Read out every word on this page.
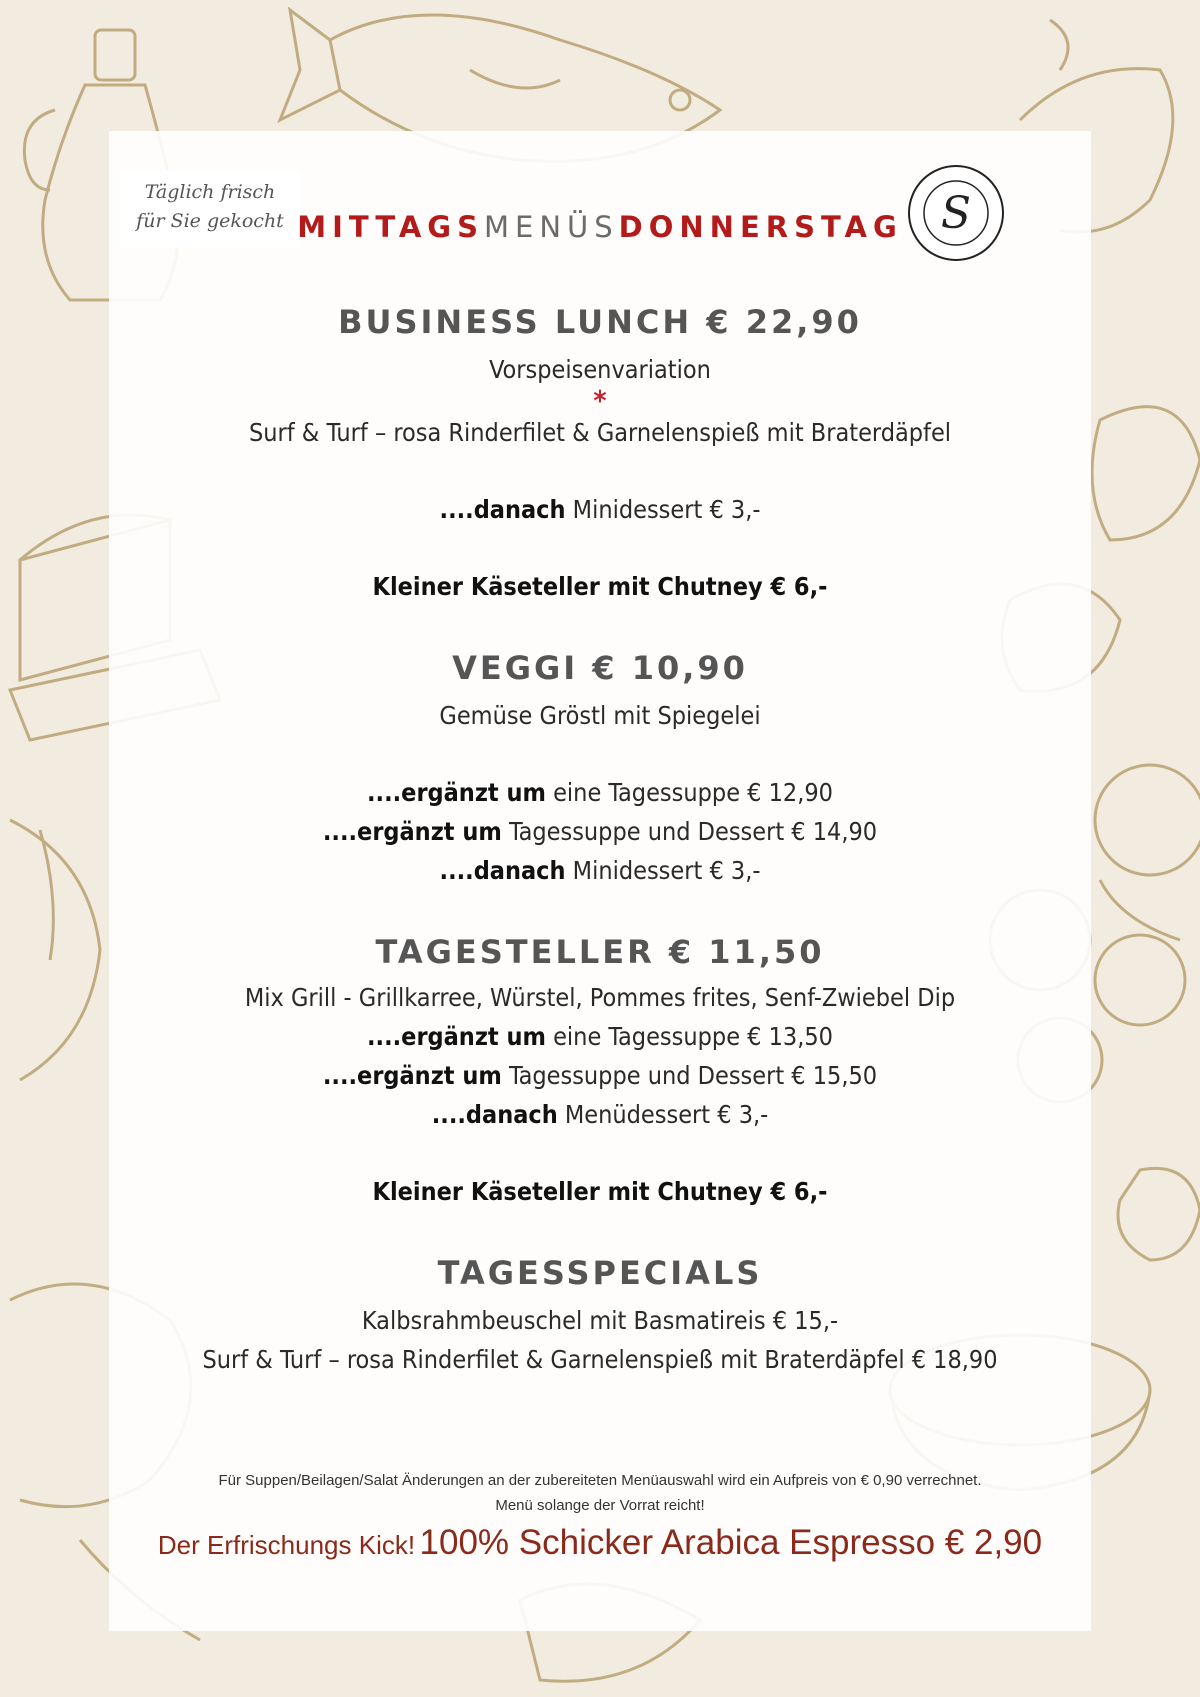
Täglich frisch
für Sie gekocht	S
MITTAGSMENÜSDONNERSTAG
BUSINESS LUNCH € 22,90

Vorspeisenvariation

*

Surf & Turf – rosa Rinderfilet & Garnelenspieß mit Braterdäpfel

....danach Minidessert € 3,-

Kleiner Käseteller mit Chutney € 6,-

VEGGI € 10,90

Gemüse Gröstl mit Spiegelei

....ergänzt um eine Tagessuppe € 12,90

....ergänzt um Tagessuppe und Dessert € 14,90

....danach Minidessert € 3,-

TAGESTELLER € 11,50

Mix Grill - Grillkarree, Würstel, Pommes frites, Senf-Zwiebel Dip

....ergänzt um eine Tagessuppe € 13,50

....ergänzt um Tagessuppe und Dessert € 15,50

....danach Menüdessert € 3,-

Kleiner Käseteller mit Chutney € 6,-

TAGESSPECIALS

Kalbsrahmbeuschel mit Basmatireis € 15,-

Surf & Turf – rosa Rinderfilet & Garnelenspieß mit Braterdäpfel € 18,90

Für Suppen/Beilagen/Salat Änderungen an der zubereiteten Menüauswahl wird ein Aufpreis von € 0,90 verrechnet.
Menü solange der Vorrat reicht!
Der Erfrischungs Kick! 100% Schicker Arabica Espresso € 2,90
